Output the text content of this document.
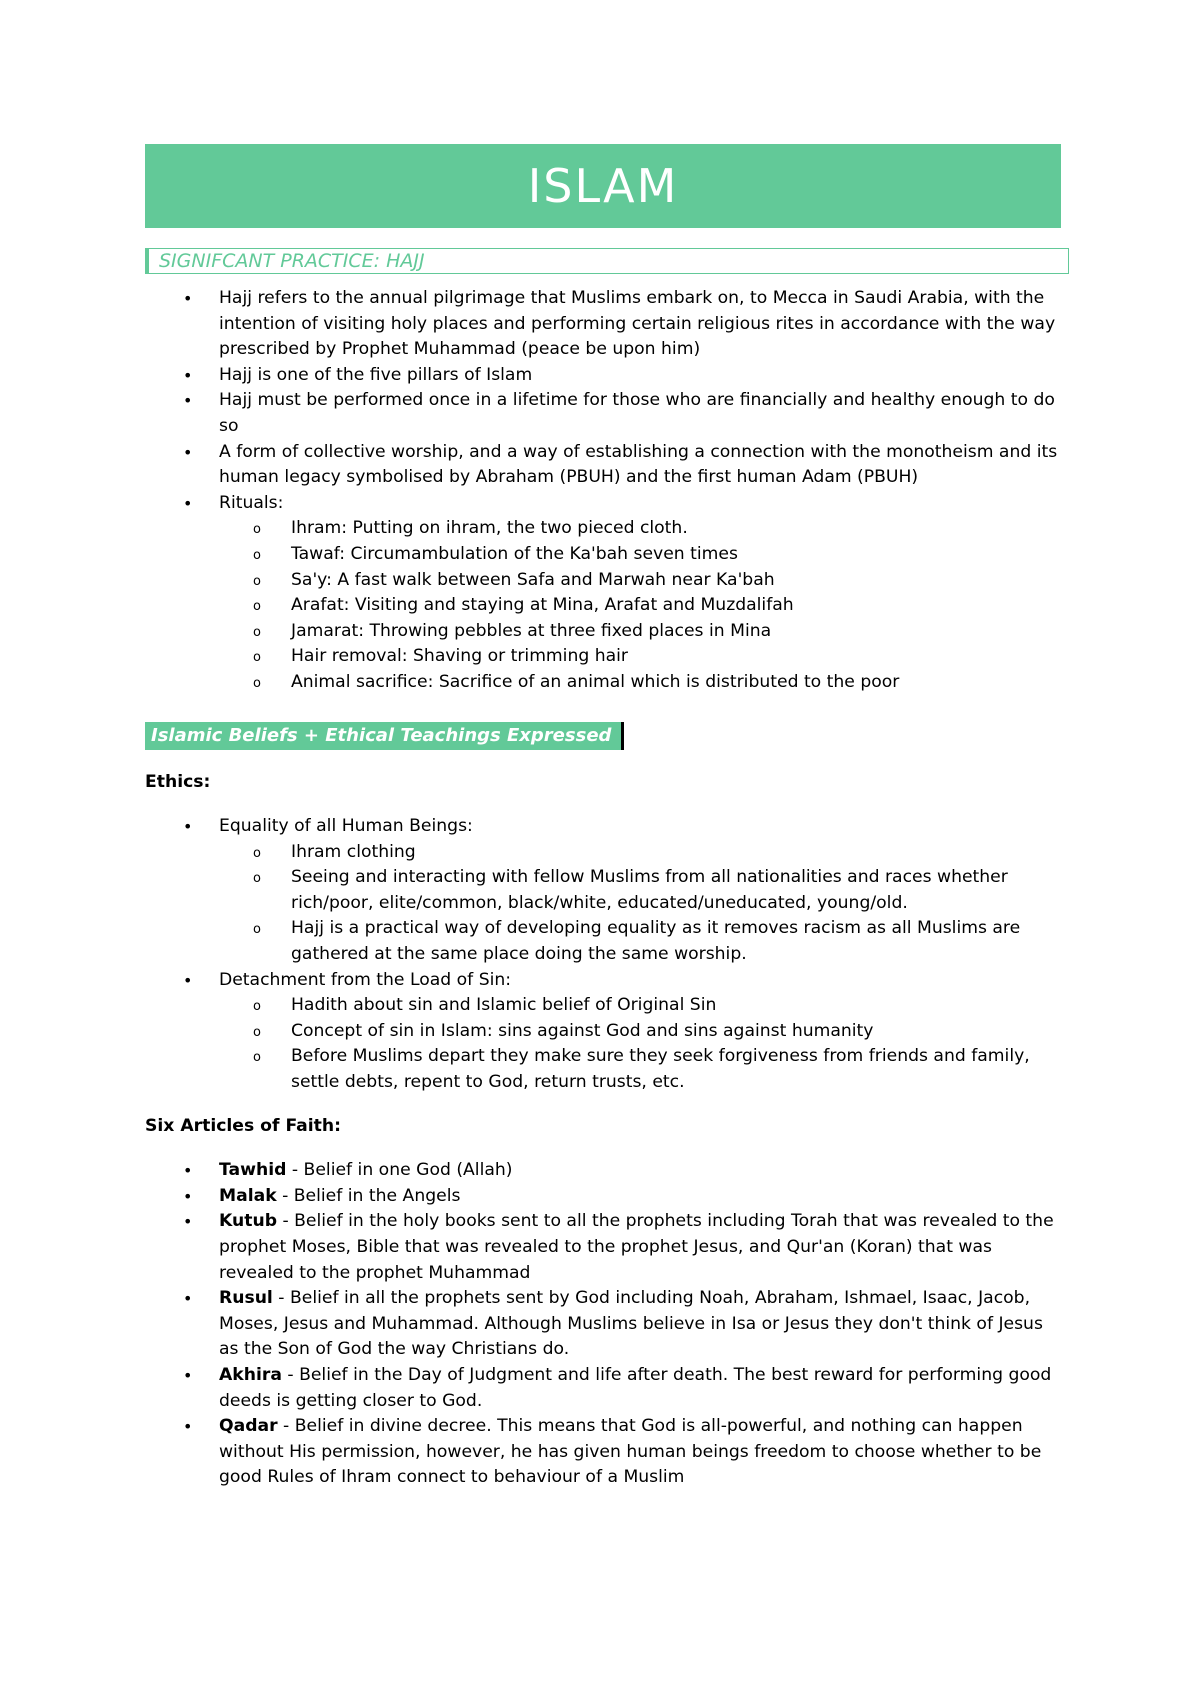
ISLAM
SIGNIFCANT PRACTICE: HAJJ
• Hajj refers to the annual pilgrimage that Muslims embark on, to Mecca in Saudi Arabia, with the intention of visiting holy places and performing certain religious rites in accordance with the way prescribed by Prophet Muhammad (peace be upon him)
• Hajj is one of the five pillars of Islam
• Hajj must be performed once in a lifetime for those who are financially and healthy enough to do so
• A form of collective worship, and a way of establishing a connection with the monotheism and its human legacy symbolised by Abraham (PBUH) and the first human Adam (PBUH)
• Rituals:
o Ihram: Putting on ihram, the two pieced cloth.
o Tawaf: Circumambulation of the Ka'bah seven times
o Sa'y: A fast walk between Safa and Marwah near Ka'bah
o Arafat: Visiting and staying at Mina, Arafat and Muzdalifah
o Jamarat: Throwing pebbles at three fixed places in Mina
o Hair removal: Shaving or trimming hair
o Animal sacrifice: Sacrifice of an animal which is distributed to the poor
Islamic Beliefs + Ethical Teachings Expressed
Ethics:
• Equality of all Human Beings:
o Ihram clothing
o Seeing and interacting with fellow Muslims from all nationalities and races whether rich/poor, elite/common, black/white, educated/uneducated, young/old.
o Hajj is a practical way of developing equality as it removes racism as all Muslims are gathered at the same place doing the same worship.
• Detachment from the Load of Sin:
o Hadith about sin and Islamic belief of Original Sin
o Concept of sin in Islam: sins against God and sins against humanity
o Before Muslims depart they make sure they seek forgiveness from friends and family, settle debts, repent to God, return trusts, etc.
Six Articles of Faith:
• Tawhid - Belief in one God (Allah)
• Malak - Belief in the Angels
• Kutub - Belief in the holy books sent to all the prophets including Torah that was revealed to the prophet Moses, Bible that was revealed to the prophet Jesus, and Qur'an (Koran) that was revealed to the prophet Muhammad
• Rusul - Belief in all the prophets sent by God including Noah, Abraham, Ishmael, Isaac, Jacob, Moses, Jesus and Muhammad. Although Muslims believe in Isa or Jesus they don't think of Jesus as the Son of God the way Christians do.
• Akhira - Belief in the Day of Judgment and life after death. The best reward for performing good deeds is getting closer to God.
• Qadar - Belief in divine decree. This means that God is all-powerful, and nothing can happen without His permission, however, he has given human beings freedom to choose whether to be good Rules of Ihram connect to behaviour of a Muslim
